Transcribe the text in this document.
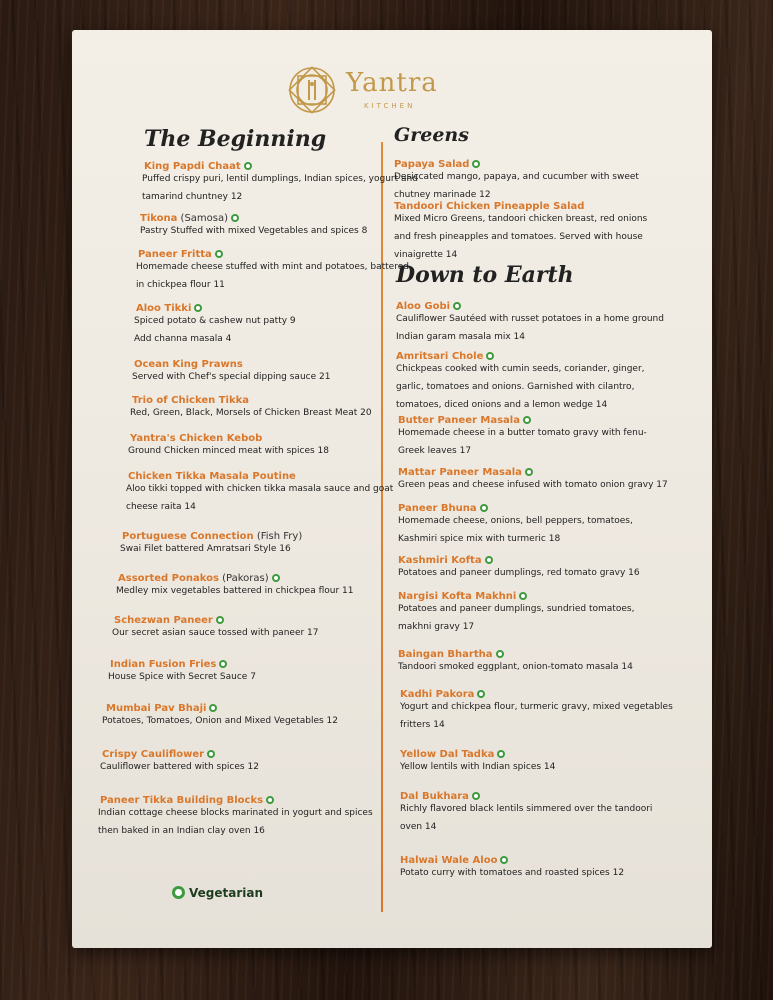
Yantra
KITCHEN
The Beginning	Greens
Down to Earth
King Papdi Chaat
Puffed crispy puri, lentil dumplings, Indian spices, yogurt and
tamarind chuntney 12
Tikona (Samosa)
Pastry Stuffed with mixed Vegetables and spices 8
Paneer Fritta
Homemade cheese stuffed with mint and potatoes, battered
in chickpea flour 11
Aloo Tikki
Spiced potato & cashew nut patty 9
Add channa masala 4
Ocean King Prawns
Served with Chef's special dipping sauce 21
Trio of Chicken Tikka
Red, Green, Black, Morsels of Chicken Breast Meat 20
Yantra's Chicken Kebob
Ground Chicken minced meat with spices 18
Chicken Tikka Masala Poutine
Aloo tikki topped with chicken tikka masala sauce and goat
cheese raita 14
Portuguese Connection (Fish Fry)
Swai Filet battered Amratsari Style 16
Assorted Ponakos (Pakoras)
Medley mix vegetables battered in chickpea flour 11
Schezwan Paneer
Our secret asian sauce tossed with paneer 17
Indian Fusion Fries
House Spice with Secret Sauce 7
Mumbai Pav Bhaji
Potatoes, Tomatoes, Onion and Mixed Vegetables 12
Crispy Cauliflower
Cauliflower battered with spices 12
Paneer Tikka Building Blocks
Indian cottage cheese blocks marinated in yogurt and spices
then baked in an Indian clay oven 16
Papaya Salad
Desiccated mango, papaya, and cucumber with sweet
chutney marinade 12
Tandoori Chicken Pineapple Salad
Mixed Micro Greens, tandoori chicken breast, red onions
and fresh pineapples and tomatoes. Served with house
vinaigrette 14
Aloo Gobi
Cauliflower Sautéed with russet potatoes in a home ground
Indian garam masala mix 14
Amritsari Chole
Chickpeas cooked with cumin seeds, coriander, ginger,
garlic, tomatoes and onions. Garnished with cilantro,
tomatoes, diced onions and a lemon wedge 14
Butter Paneer Masala
Homemade cheese in a butter tomato gravy with fenu-
Greek leaves 17
Mattar Paneer Masala
Green peas and cheese infused with tomato onion gravy 17
Paneer Bhuna
Homemade cheese, onions, bell peppers, tomatoes,
Kashmiri spice mix with turmeric 18
Kashmiri Kofta
Potatoes and paneer dumplings, red tomato gravy 16
Nargisi Kofta Makhni
Potatoes and paneer dumplings, sundried tomatoes,
makhni gravy 17
Baingan Bhartha
Tandoori smoked eggplant, onion-tomato masala 14
Kadhi Pakora
Yogurt and chickpea flour, turmeric gravy, mixed vegetables
fritters 14
Yellow Dal Tadka
Yellow lentils with Indian spices 14
Dal Bukhara
Richly flavored black lentils simmered over the tandoori
oven 14
Halwai Wale Aloo
Potato curry with tomatoes and roasted spices 12
Vegetarian
